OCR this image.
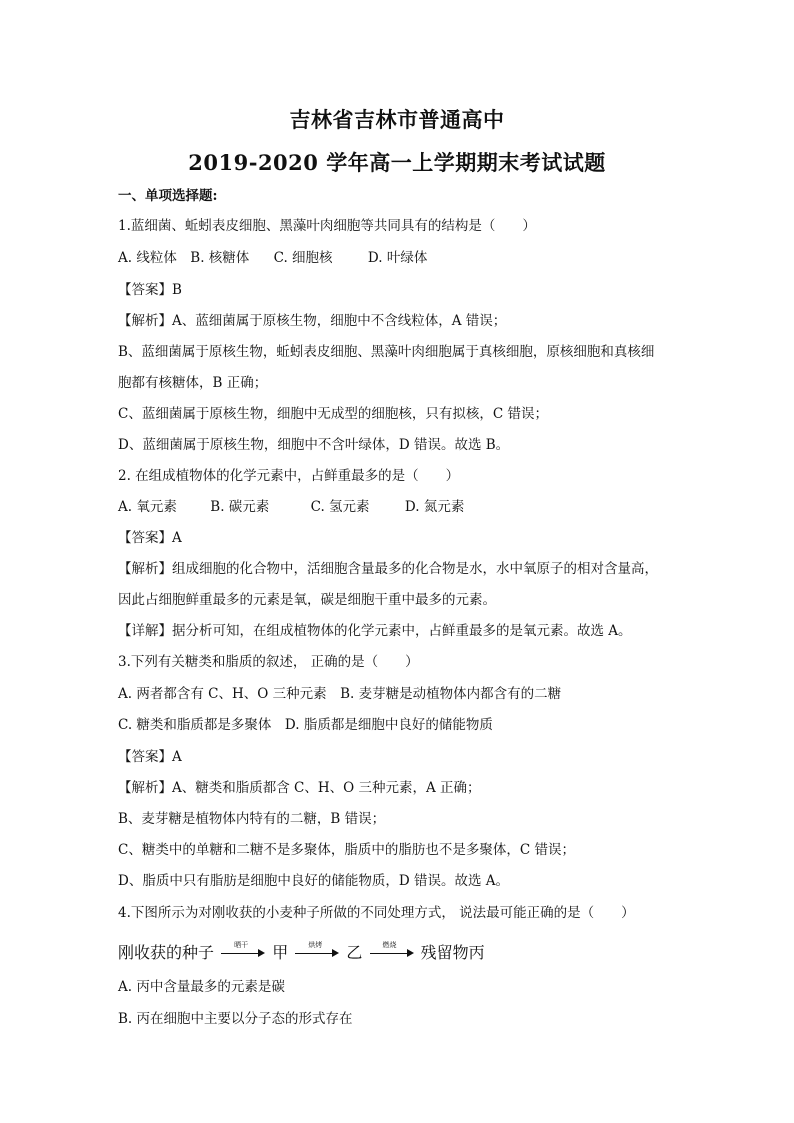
吉林省吉林市普通高中
2019-2020 学年高一上学期期末考试试题
一、单项选择题:
1.蓝细菌、蚯蚓表皮细胞、黑藻叶肉细胞等共同具有的结构是（　　）
A. 线粒体 B. 核糖体 C. 细胞核	D. 叶绿体
【答案】B
【解析】A、蓝细菌属于原核生物，细胞中不含线粒体，A 错误；
B、蓝细菌属于原核生物，蚯蚓表皮细胞、黑藻叶肉细胞属于真核细胞，原核细胞和真核细
胞都有核糖体，B 正确；
C、蓝细菌属于原核生物，细胞中无成型的细胞核，只有拟核，C 错误；
D、蓝细菌属于原核生物，细胞中不含叶绿体，D 错误。故选 B。
2. 在组成植物体的化学元素中，占鲜重最多的是（　　）
A. 氧元素 B. 碳元素	C. 氢元素	D. 氮元素
【答案】A
【解析】组成细胞的化合物中，活细胞含量最多的化合物是水，水中氧原子的相对含量高，
因此占细胞鲜重最多的元素是氧，碳是细胞干重中最多的元素。
【详解】据分析可知，在组成植物体的化学元素中，占鲜重最多的是氧元素。故选 A。
3.下列有关糖类和脂质的叙述， 正确的是（　　）
A. 两者都含有 C、H、O 三种元素　B. 麦芽糖是动植物体内都含有的二糖
C. 糖类和脂质都是多聚体　D. 脂质都是细胞中良好的储能物质
【答案】A
【解析】A、糖类和脂质都含 C、H、O 三种元素，A 正确；
B、麦芽糖是植物体内特有的二糖，B 错误；
C、糖类中的单糖和二糖不是多聚体，脂质中的脂肪也不是多聚体，C 错误；
D、脂质中只有脂肪是细胞中良好的储能物质，D 错误。故选 A。
4.下图所示为对刚收获的小麦种子所做的不同处理方式， 说法最可能正确的是（　　）
刚收获的种子	晒干	甲	烘烤	乙	燃烧	残留物丙
A. 丙中含量最多的元素是碳
B. 丙在细胞中主要以分子态的形式存在
